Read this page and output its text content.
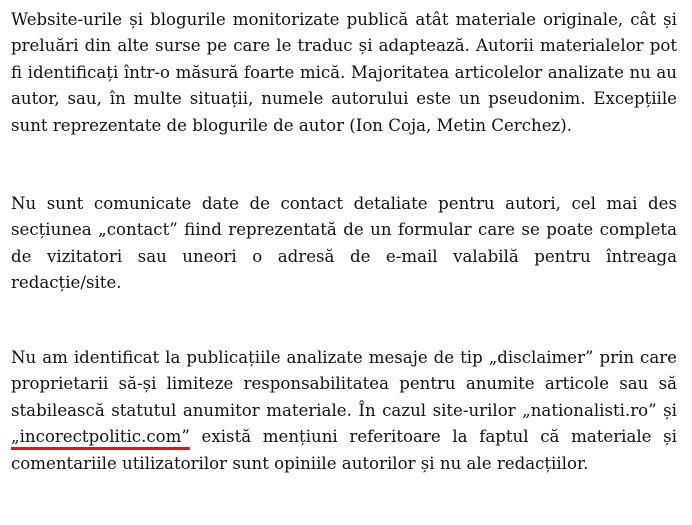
Website-urile și blogurile monitorizate publică atât materiale originale, cât și preluări din alte surse pe care le traduc și adaptează. Autorii materialelor pot fi identificați într-o măsură foarte mică. Majoritatea articolelor analizate nu au autor, sau, în multe situații, numele autorului este un pseudonim. Excepțiile sunt reprezentate de blogurile de autor (Ion Coja, Metin Cerchez).

Nu sunt comunicate date de contact detaliate pentru autori, cel mai des secțiunea „contact” fiind reprezentată de un formular care se poate completa de vizitatori sau uneori o adresă de e-mail valabilă pentru întreaga redacție/site.

Nu am identificat la publicațiile analizate mesaje de tip „disclaimer” prin care proprietarii să-și limiteze responsabilitatea pentru anumite articole sau să stabilească statutul anumitor materiale. În cazul site-urilor „nationalisti.ro” și „incorectpolitic.com” există mențiuni referitoare la faptul că materiale și comentariile utilizatorilor sunt opiniile autorilor și nu ale redacțiilor.
